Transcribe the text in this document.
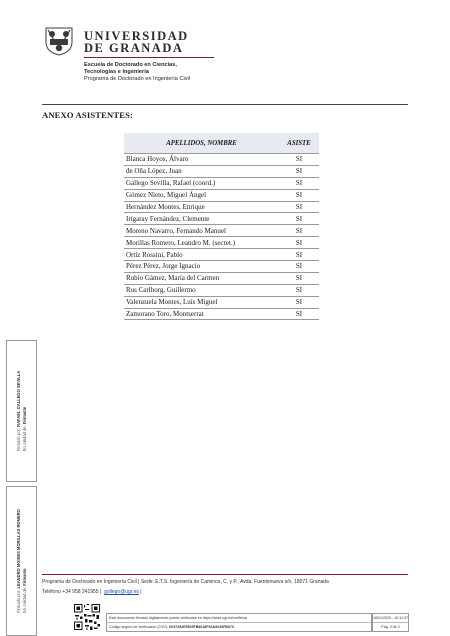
UNIVERSIDAD
DE GRANADA
Escuela de Doctorado en Ciencias,
Tecnologías e Ingeniería
Programa de Doctorado en Ingeniería Civil
ANEXO ASISTENTES:
APELLIDOS, NOMBRE	ASISTE
Blanca Hoyos, Álvaro	SI
de Oña López, Juan	SI
Gallego Sevilla, Rafael (coord.)	SI
Gómez Nieto, Miguel Ángel	SI
Hernández Montes, Enrique	SI
Irigaray Fernández, Clemente	SI
Moreno Navarro, Fernando Manuel	SI
Morillas Romero, Leandro M. (secret.)	SI
Ortiz Rossini, Pablo	SI
Pérez Pérez, Jorge Ignacio	SI
Rubio Gámez, María del Carmen	SI
Rus Carlborg, Guillermo	SI
Valenzuela Montes, Luis Miguel	SI
Zamorano Toro, Montserrat	SI
Firmado por: RAFAEL GALLEGO SEVILLA
En calidad de: Firmante
Firmado por: LEANDRO MOISES MORILLAS ROMERO
En calidad de: Firmante	Programa de Doctorado en Ingeniería Civil | Sede: E.T.S. Ingeniería de Caminos, C. y P., Avda. Fuentenueva s/n, 18071 Granada
Teléfono +34 958 241955 | gollego@ugr.es |
Este documento firmado digitalmente puede verificarse en https://sede.ugr.es/verifirma
Código seguro de verificación (CSV): 6037252E5509FB8018F54A9246FB670
18/01/2025 - 10:11:37
Pág. 3 de 3
